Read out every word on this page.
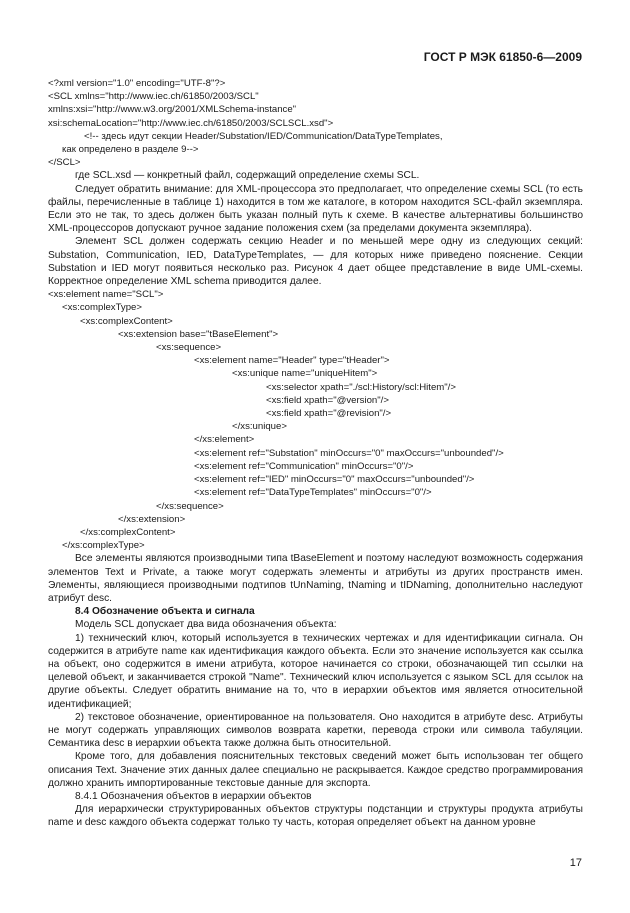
ГОСТ Р МЭК 61850-6—2009
<?xml version="1.0" encoding="UTF-8"?>
<SCL xmlns="http://www.iec.ch/61850/2003/SCL"
xmlns:xsi="http://www.w3.org/2001/XMLSchema-instance"
xsi:schemaLocation="http://www.iec.ch/61850/2003/SCLSCL.xsd">
<!-- здесь идут секции Header/Substation/IED/Communication/DataTypeTemplates,
как определено в разделе 9-->
</SCL>
где SCL.xsd — конкретный файл, содержащий определение схемы SCL.
Следует обратить внимание: для XML-процессора это предполагает, что определение схемы SCL (то есть файлы, перечисленные в таблице 1) находится в том же каталоге, в котором находится SCL-файл экземпляра. Если это не так, то здесь должен быть указан полный путь к схеме. В качестве альтернативы большинство XML-процессоров допускают ручное задание положения схем (за пределами документа экземпляра).
Элемент SCL должен содержать секцию Header и по меньшей мере одну из следующих секций: Substation, Communication, IED, DataTypeTemplates, — для которых ниже приведено пояснение. Секции Substation и IED могут появиться несколько раз. Рисунок 4 дает общее представление в виде UML-схемы. Корректное определение XML schema приводится далее.
<xs:element name="SCL">
<xs:complexType>
<xs:complexContent>
<xs:extension base="tBaseElement">
<xs:sequence>
<xs:element name="Header" type="tHeader">
<xs:unique name="uniqueHitem">
<xs:selector xpath="./scl:History/scl:Hitem"/>
<xs:field xpath="@version"/>
<xs:field xpath="@revision"/>
</xs:unique>
</xs:element>
<xs:element ref="Substation" minOccurs="0" maxOccurs="unbounded"/>
<xs:element ref="Communication" minOccurs="0"/>
<xs:element ref="IED" minOccurs="0" maxOccurs="unbounded"/>
<xs:element ref="DataTypeTemplates" minOccurs="0"/>
</xs:sequence>
</xs:extension>
</xs:complexContent>
</xs:complexType>
Все элементы являются производными типа tBaseElement и поэтому наследуют возможность содержания элементов Text и Private, а также могут содержать элементы и атрибуты из других пространств имен. Элементы, являющиеся производными подтипов tUnNaming, tNaming и tIDNaming, дополнительно наследуют атрибут desc.
8.4 Обозначение объекта и сигнала
Модель SCL допускает два вида обозначения объекта:
1) технический ключ, который используется в технических чертежах и для идентификации сигнала. Он содержится в атрибуте name как идентификация каждого объекта. Если это значение используется как ссылка на объект, оно содержится в имени атрибута, которое начинается со строки, обозначающей тип ссылки на целевой объект, и заканчивается строкой "Name". Технический ключ используется с языком SCL для ссылок на другие объекты. Следует обратить внимание на то, что в иерархии объектов имя является относительной идентификацией;
2) текстовое обозначение, ориентированное на пользователя. Оно находится в атрибуте desc. Атрибуты не могут содержать управляющих символов возврата каретки, перевода строки или символа табуляции. Семантика desc в иерархии объекта также должна быть относительной.
Кроме того, для добавления пояснительных текстовых сведений может быть использован тег общего описания Text. Значение этих данных далее специально не раскрывается. Каждое средство программирования должно хранить импортированные текстовые данные для экспорта.
8.4.1 Обозначения объектов в иерархии объектов
Для иерархически структурированных объектов структуры подстанции и структуры продукта атрибуты name и desc каждого объекта содержат только ту часть, которая определяет объект на данном уровне
17
